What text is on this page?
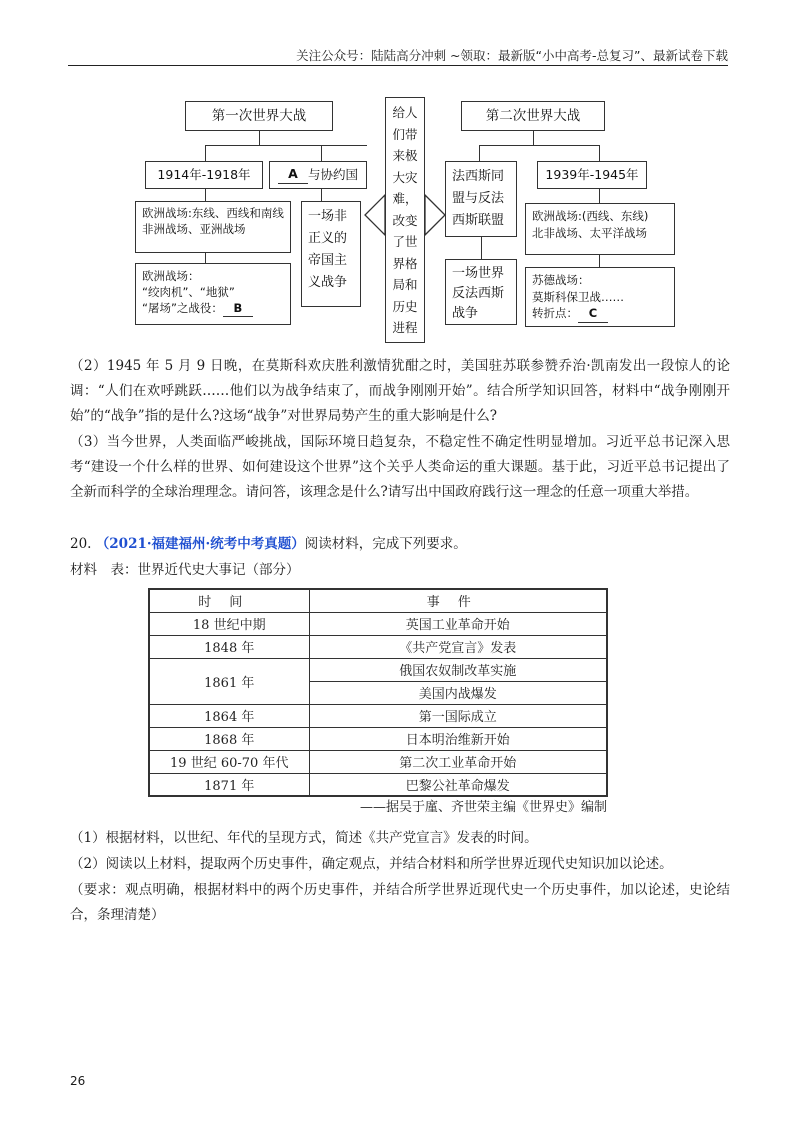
关注公众号：陆陆高分冲刺 ~领取：最新版“小中高考-总复习”、最新试卷下载
第一次世界大战
1914年-1918年	A 与协约国
欧洲战场:东线、西线和南线 非洲战场、亚洲战场
一场非正义的帝国主义战争
欧洲战场：
“绞肉机”、“地狱”
“屠场”之战役： B
给人们带来极大灾难，改变了世界格局和历史进程
第二次世界大战
法西斯同盟与反法西斯联盟
1939年-1945年
欧洲战场:(西线、东线)
北非战场、太平洋战场
一场世界反法西斯战争
苏德战场：
莫斯科保卫战……
转折点： C
（2）1945 年 5 月 9 日晚，在莫斯科欢庆胜利激情犹酣之时，美国驻苏联参赞乔治·凯南发出一段惊人的论调：“人们在欢呼跳跃……他们以为战争结束了，而战争刚刚开始”。结合所学知识回答，材料中“战争刚刚开始”的“战争”指的是什么?这场“战争”对世界局势产生的重大影响是什么?
（3）当今世界，人类面临严峻挑战，国际环境日趋复杂，不稳定性不确定性明显增加。习近平总书记深入思考“建设一个什么样的世界、如何建设这个世界”这个关乎人类命运的重大课题。基于此，习近平总书记提出了全新而科学的全球治理理念。请问答，该理念是什么?请写出中国政府践行这一理念的任意一项重大举措。
20. （2021·福建福州·统考中考真题）阅读材料，完成下列要求。
材料　表：世界近代史大事记（部分）
时间	事件
18 世纪中期	英国工业革命开始
1848 年	《共产党宣言》发表
1861 年	俄国农奴制改革实施
	美国内战爆发
1864 年	第一国际成立
1868 年	日本明治维新开始
19 世纪 60-70 年代	第二次工业革命开始
1871 年	巴黎公社革命爆发
——据吴于廑、齐世荣主编《世界史》编制
（1）根据材料，以世纪、年代的呈现方式，简述《共产党宣言》发表的时间。
（2）阅读以上材料，提取两个历史事件，确定观点，并结合材料和所学世界近现代史知识加以论述。
（要求：观点明确，根据材料中的两个历史事件，并结合所学世界近现代史一个历史事件，加以论述，史论结合，条理清楚）
26
